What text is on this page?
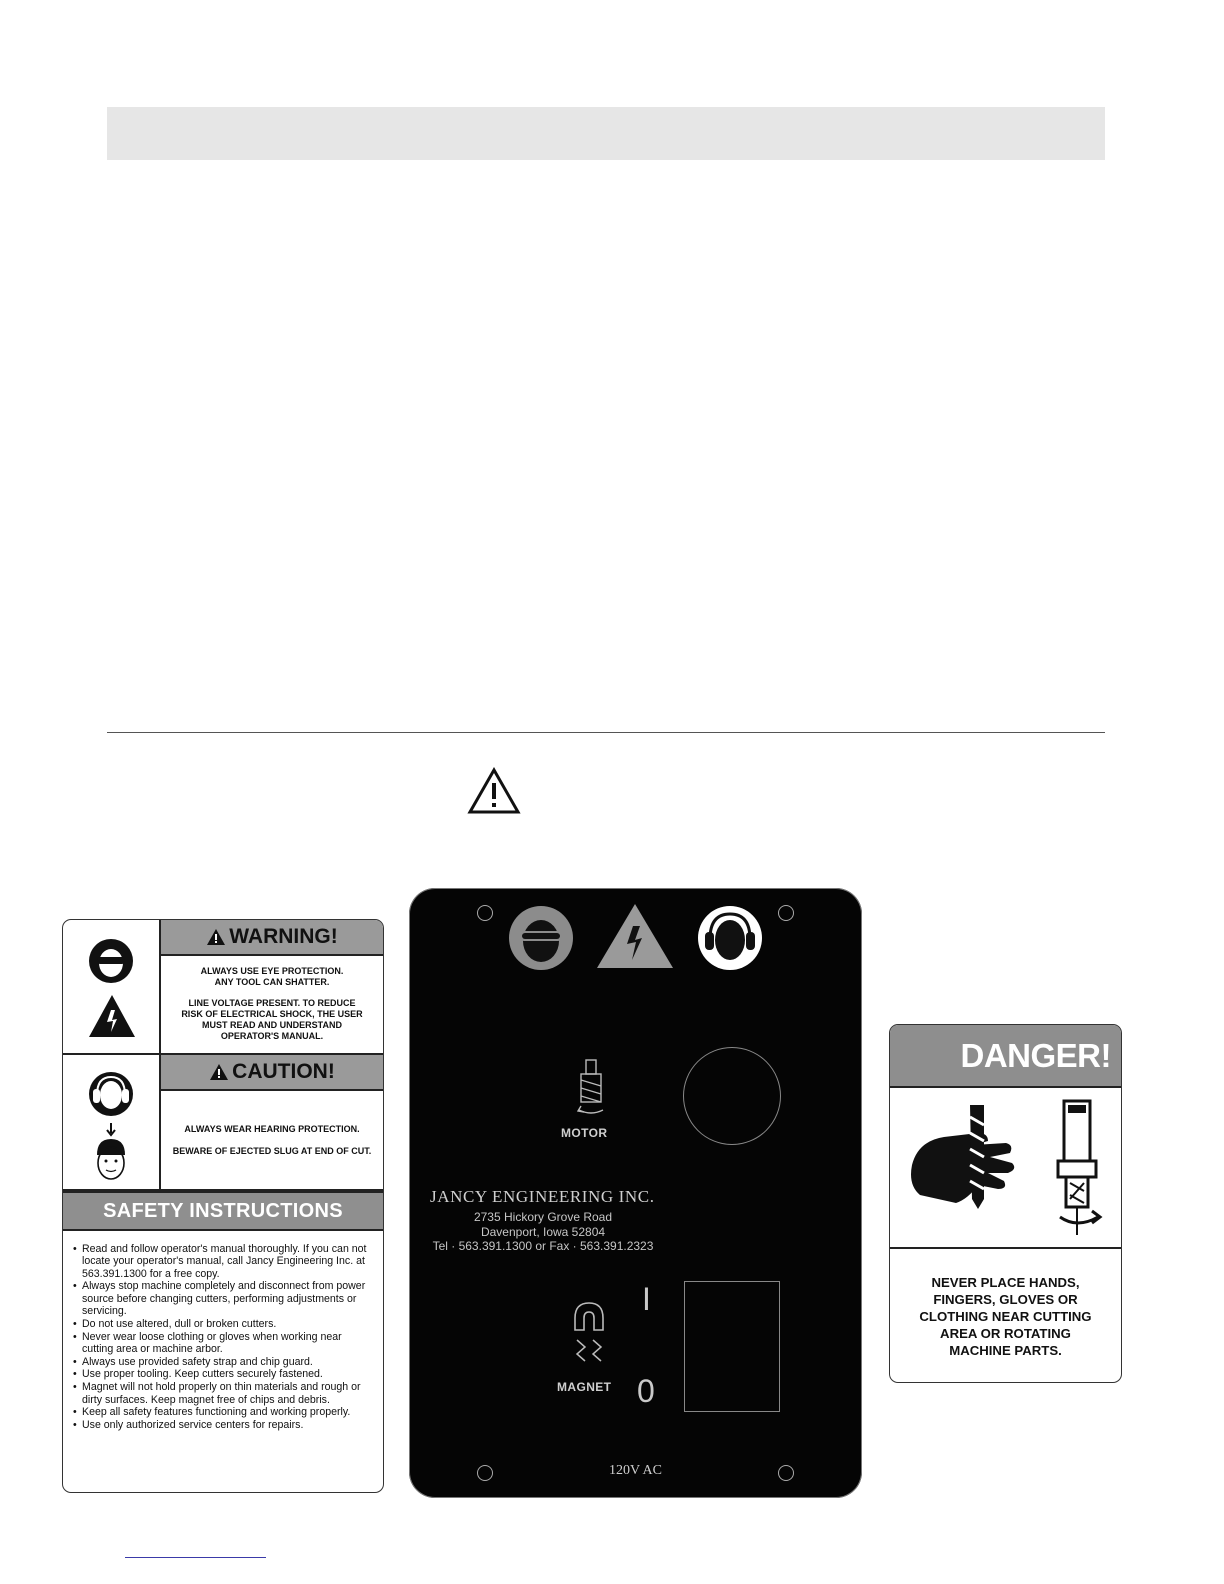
WARNING!

ALWAYS USE EYE PROTECTION.
ANY TOOL CAN SHATTER.

LINE VOLTAGE PRESENT. TO REDUCE
RISK OF ELECTRICAL SHOCK, THE USER
MUST READ AND UNDERSTAND
OPERATOR'S MANUAL.

CAUTION!

ALWAYS WEAR HEARING PROTECTION.

BEWARE OF EJECTED SLUG AT END OF CUT.

SAFETY INSTRUCTIONS
• Read and follow operator's manual thoroughly. If you can not locate your operator's manual, call Jancy Engineering Inc. at 563.391.1300 for a free copy.
• Always stop machine completely and disconnect from power source before changing cutters, performing adjustments or servicing.
• Do not use altered, dull or broken cutters.
• Never wear loose clothing or gloves when working near cutting area or machine arbor.
• Always use provided safety strap and chip guard.
• Use proper tooling. Keep cutters securely fastened.
• Magnet will not hold properly on thin materials and rough or dirty surfaces. Keep magnet free of chips and debris.
• Keep all safety features functioning and working properly.
• Use only authorized service centers for repairs.
MOTOR
JANCY ENGINEERING INC.
2735 Hickory Grove Road
Davenport, Iowa 52804
Tel · 563.391.1300 or Fax · 563.391.2323
MAGNET
I
0
120V AC
DANGER!
NEVER PLACE HANDS,
FINGERS, GLOVES OR
CLOTHING NEAR CUTTING
AREA OR ROTATING
MACHINE PARTS.
